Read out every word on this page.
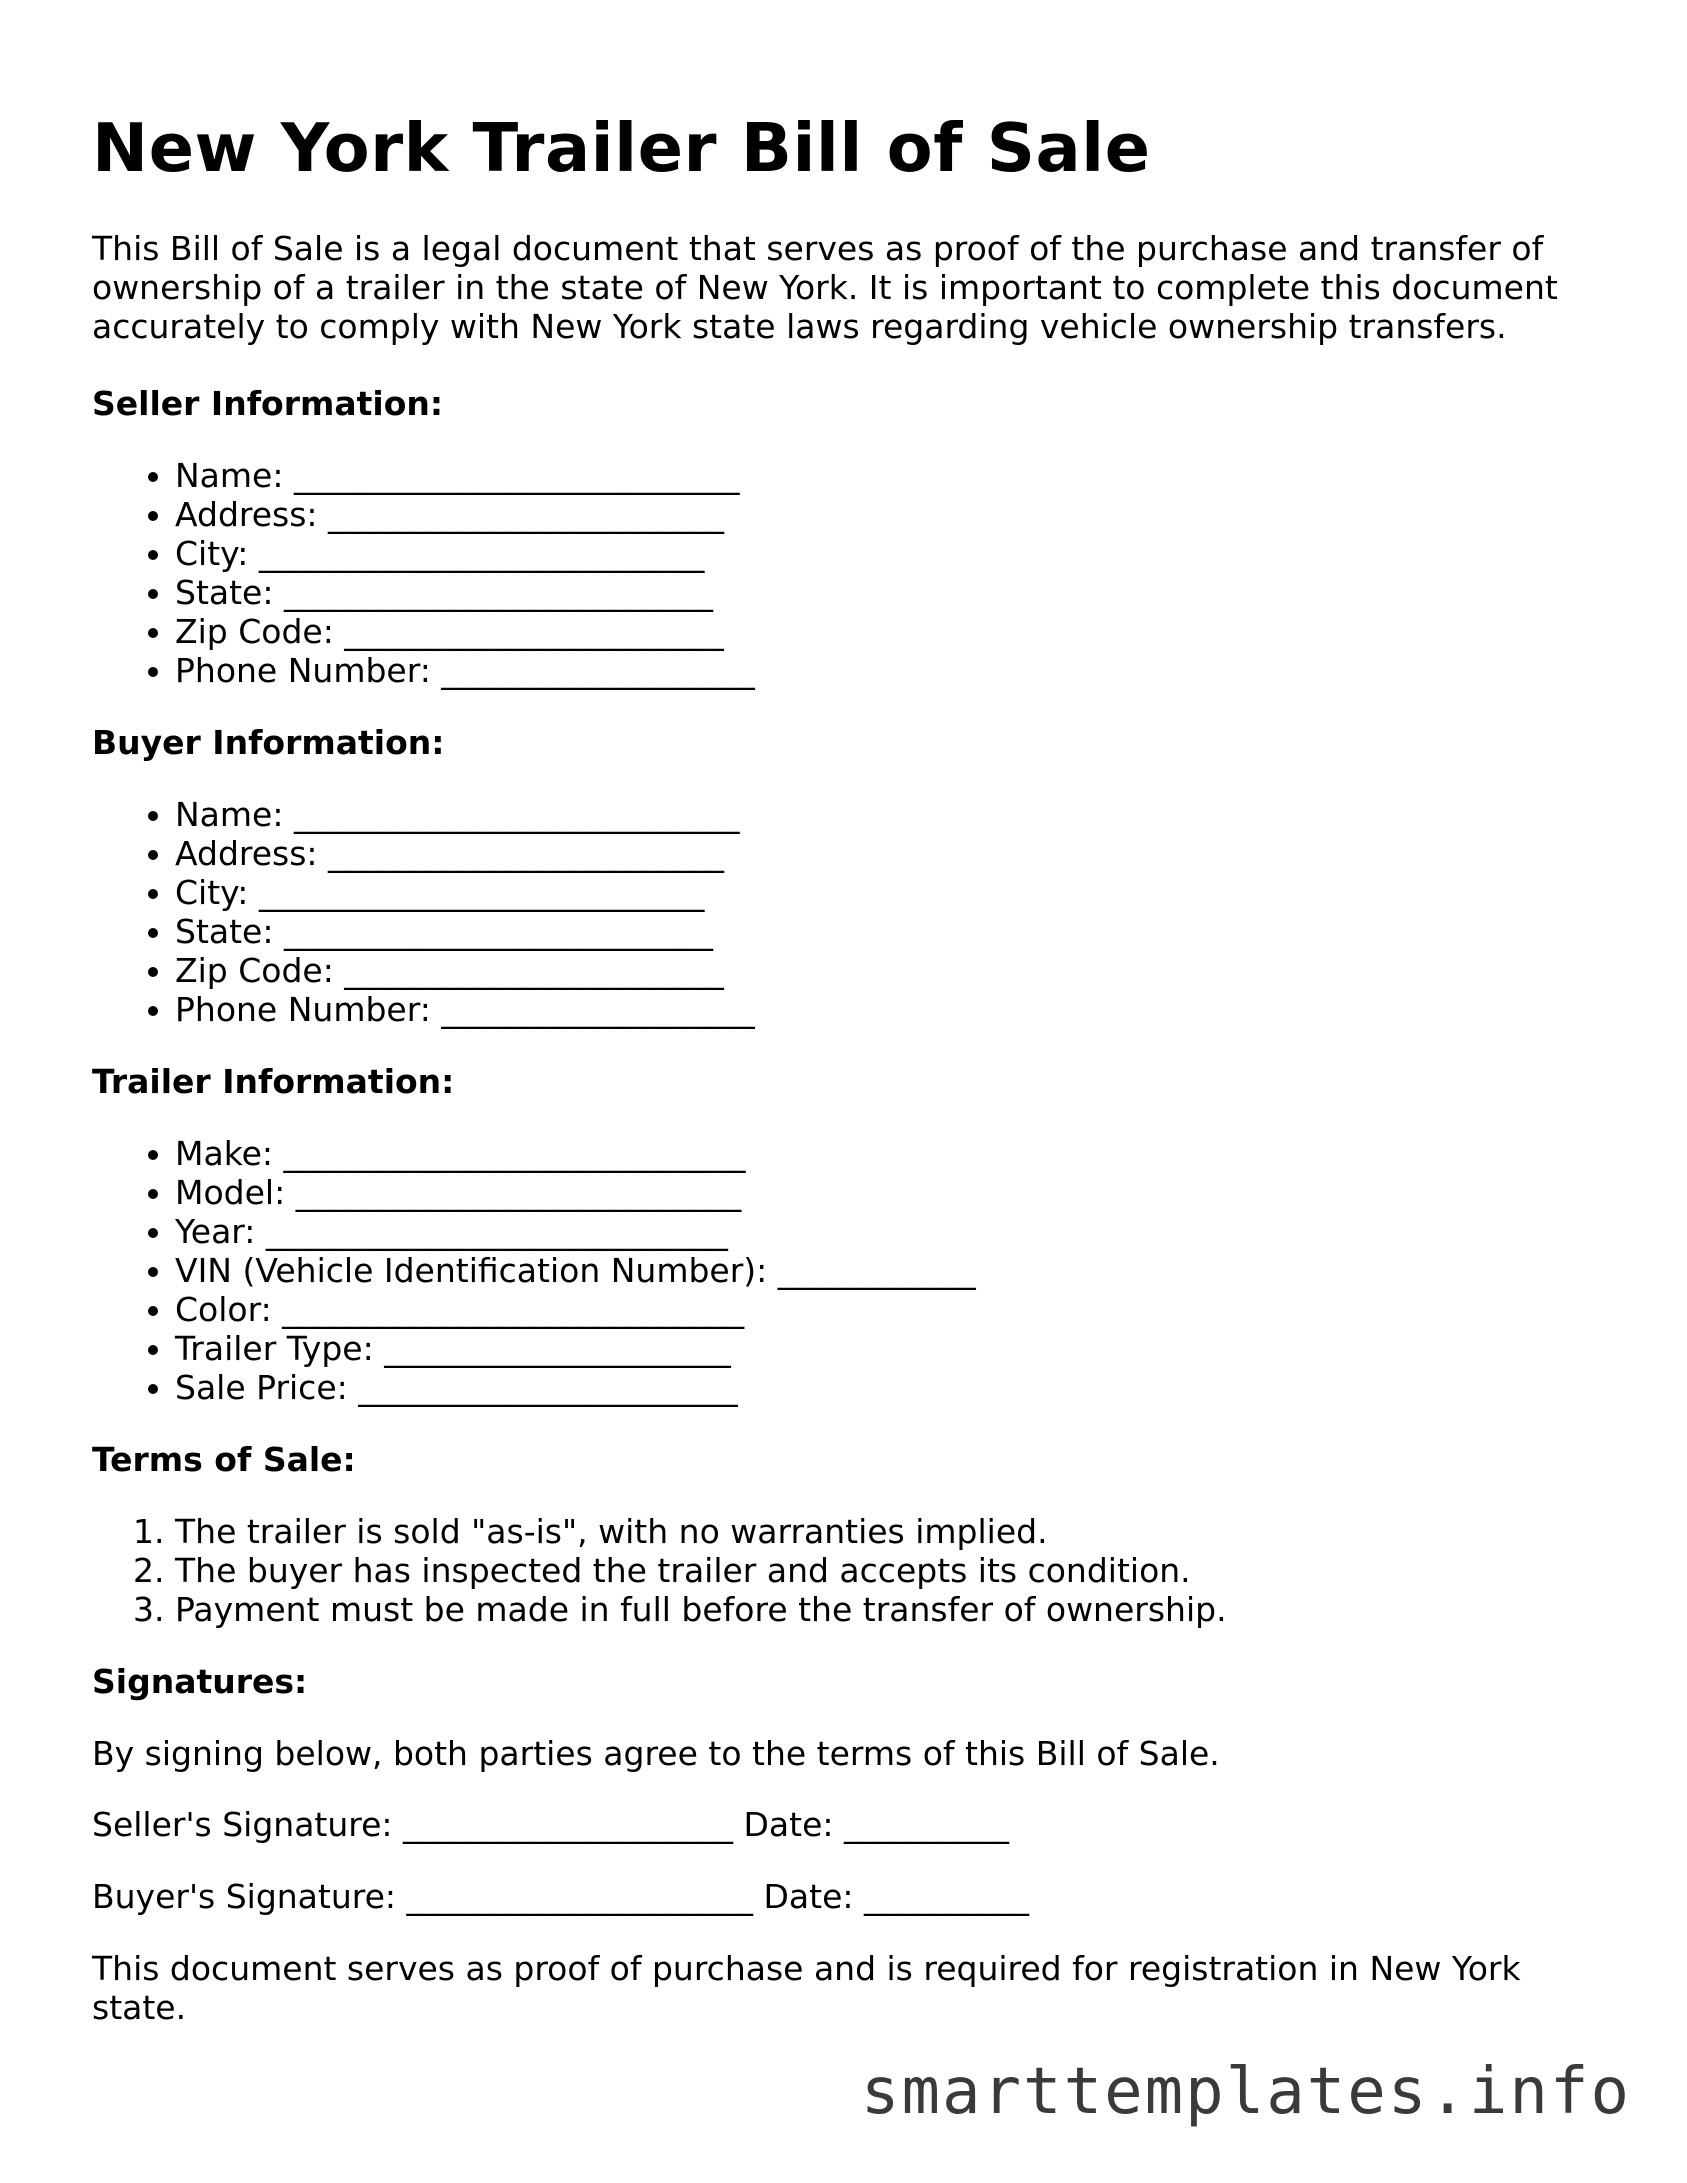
New York Trailer Bill of Sale

This Bill of Sale is a legal document that serves as proof of the purchase and transfer of ownership of a trailer in the state of New York. It is important to complete this document accurately to comply with New York state laws regarding vehicle ownership transfers.

Seller Information:
• Name: ___________________________
• Address: ________________________
• City: ___________________________
• State: __________________________
• Zip Code: _______________________
• Phone Number: ___________________
Buyer Information:
• Name: ___________________________
• Address: ________________________
• City: ___________________________
• State: __________________________
• Zip Code: _______________________
• Phone Number: ___________________
Trailer Information:
• Make: ____________________________
• Model: ___________________________
• Year: ____________________________
• VIN (Vehicle Identification Number): ____________
• Color: ____________________________
• Trailer Type: _____________________
• Sale Price: _______________________
Terms of Sale:
1. The trailer is sold "as-is", with no warranties implied.
2. The buyer has inspected the trailer and accepts its condition.
3. Payment must be made in full before the transfer of ownership.
Signatures:

By signing below, both parties agree to the terms of this Bill of Sale.

Seller's Signature: ____________________ Date: __________

Buyer's Signature: _____________________ Date: __________

This document serves as proof of purchase and is required for registration in New York state.

smarttemplates.info
